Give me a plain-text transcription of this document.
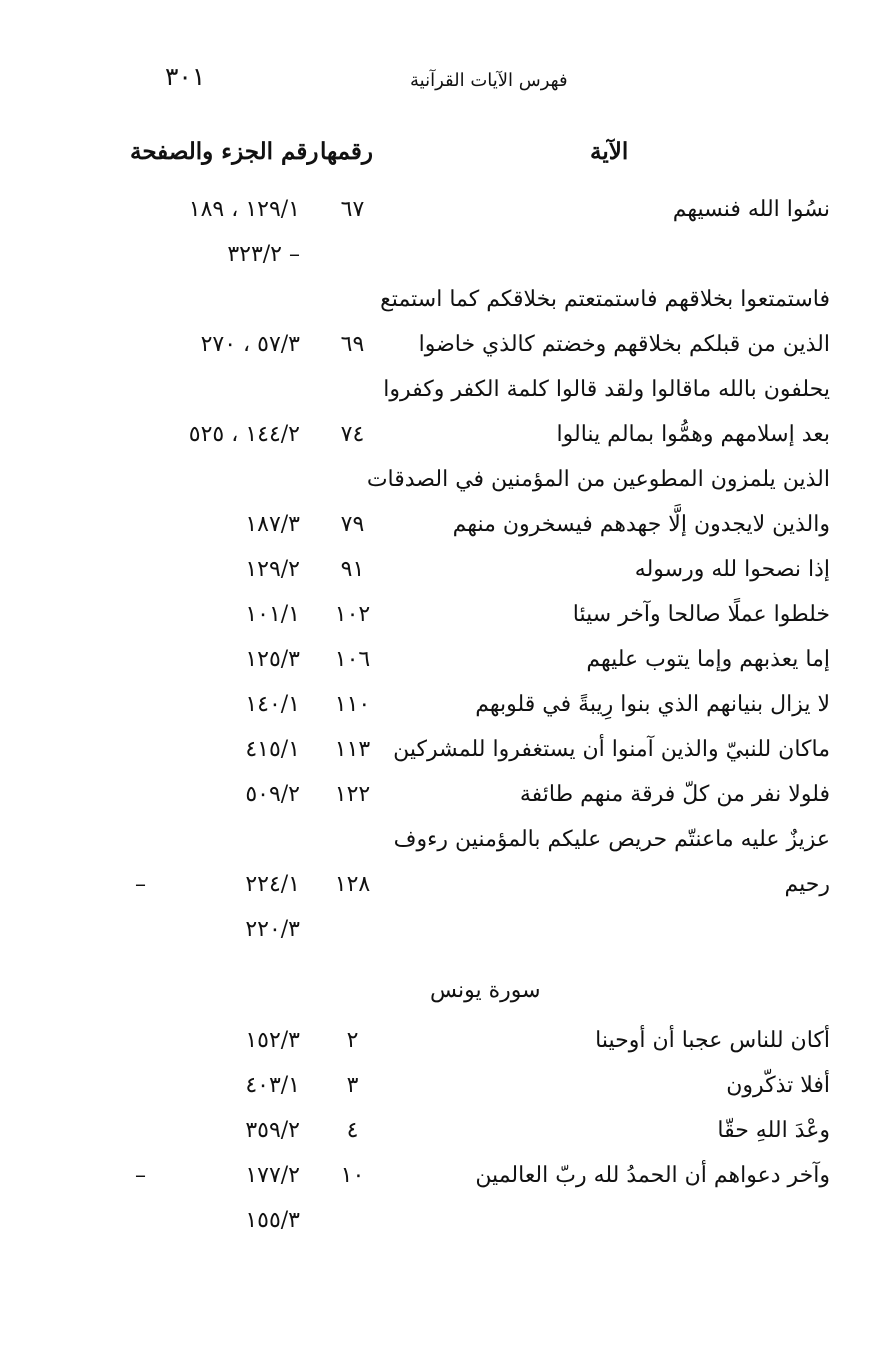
٣٠١	فهرس الآيات القرآنية
الآية
رقمها
رقم الجزء والصفحة
نسُوا الله فنسيهم
٦٧
١٢٩/١ ، ١٨٩
– ٣٢٣/٢
فاستمتعوا بخلاقهم فاستمتعتم بخلاقكم كما استمتع
الذين من قبلكم بخلاقهم وخضتم كالذي خاضوا
٦٩
٥٧/٣ ، ٢٧٠
يحلفون بالله ماقالوا ولقد قالوا كلمة الكفر وكفروا
بعد إسلامهم وهمُّوا بمالم ينالوا
٧٤
١٤٤/٢ ، ٥٢٥
الذين يلمزون المطوعين من المؤمنين في الصدقات
والذين لايجدون إلَّا جهدهم فيسخرون منهم
٧٩
١٨٧/٣
إذا نصحوا لله ورسوله
٩١
١٢٩/٢
خلطوا عملًا صالحا وآخر سيئا
١٠٢
١٠١/١
إما يعذبهم وإما يتوب عليهم
١٠٦
١٢٥/٣
لا يزال بنيانهم الذي بنوا رِيبةً في قلوبهم
١١٠
١٤٠/١
ماكان للنبيّ والذين آمنوا أن يستغفروا للمشركين
١١٣
٤١٥/١
فلولا نفر من كلّ فرقة منهم طائفة
١٢٢
٥٠٩/٢
عزيزٌ عليه ماعنتّم حريص عليكم بالمؤمنين رءوف
رحيم
١٢٨
٢٢٤/١
–
٢٢٠/٣
سورة يونس
أكان للناس عجبا أن أوحينا
٢
١٥٢/٣
أفلا تذكّرون
٣
٤٠٣/١
وعْدَ اللهِ حقّا
٤
٣٥٩/٢
وآخر دعواهم أن الحمدُ لله ربّ العالمين
١٠
١٧٧/٢
–
١٥٥/٣
